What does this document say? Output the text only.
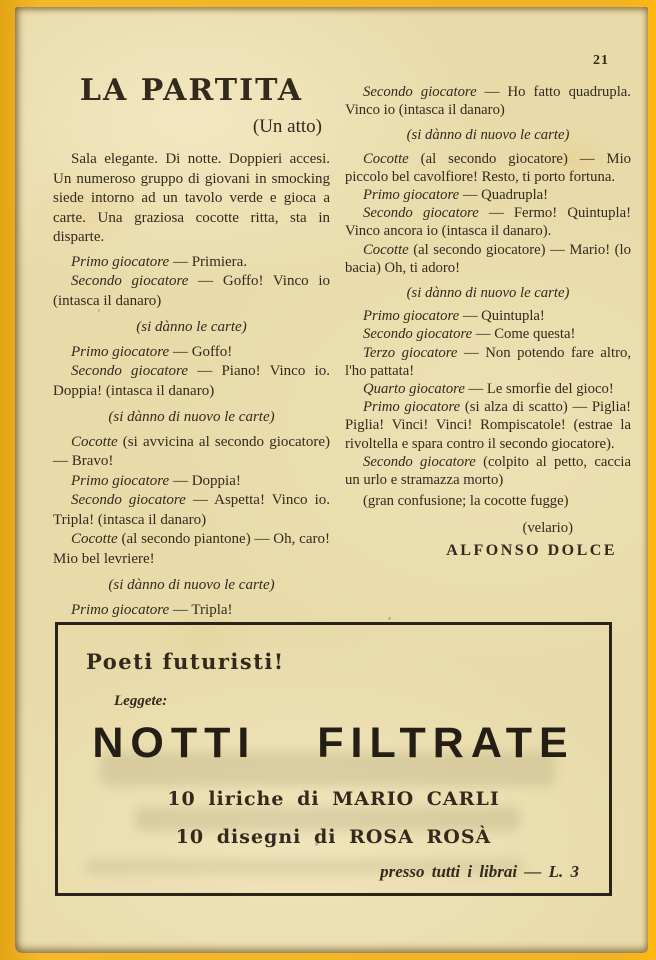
21
LA PARTITA
(Un atto)

Sala elegante. Di notte. Doppieri accesi. Un numeroso gruppo di giovani in smocking siede intorno ad un tavolo verde e gioca a carte. Una graziosa cocotte ritta, sta in disparte.

Primo giocatore — Primiera.

Secondo giocatore — Goffo! Vinco io (intasca il danaro)

(si dànno le carte)

Primo giocatore — Goffo!

Secondo giocatore — Piano! Vinco io. Doppia! (intasca il danaro)

(si dànno di nuovo le carte)

Cocotte (si avvicina al secondo giocatore) — Bravo!

Primo giocatore — Doppia!

Secondo giocatore — Aspetta! Vinco io. Tripla! (intasca il danaro)

Cocotte (al secondo piantone) — Oh, caro! Mio bel levriere!

(si dànno di nuovo le carte)

Primo giocatore — Tripla!

Secondo giocatore — Ho fatto quadrupla. Vinco io (intasca il danaro)

(si dànno di nuovo le carte)

Cocotte (al secondo giocatore) — Mio piccolo bel cavolfiore! Resto, ti porto fortuna.

Primo giocatore — Quadrupla!

Secondo giocatore — Fermo! Quintupla! Vinco ancora io (intasca il danaro).

Cocotte (al secondo giocatore) — Mario! (lo bacia) Oh, ti adoro!

(si dànno di nuovo le carte)

Primo giocatore — Quintupla!

Secondo giocatore — Come questa!

Terzo giocatore — Non potendo fare altro, l'ho pattata!

Quarto giocatore — Le smorfie del gioco!

Primo giocatore (si alza di scatto) — Piglia! Piglia! Vinci! Vinci! Rompiscatole! (estrae la rivoltella e spara contro il secondo giocatore).

Secondo giocatore (colpito al petto, caccia un urlo e stramazza morto)

(gran confusione; la cocotte fugge)

(velario)

ALFONSO DOLCE

Poeti futuristi!
Leggete:
NOTTI FILTRATE
10 liriche di MARIO CARLI
10 disegni di ROSA ROSÀ
presso tutti i librai — L. 3
